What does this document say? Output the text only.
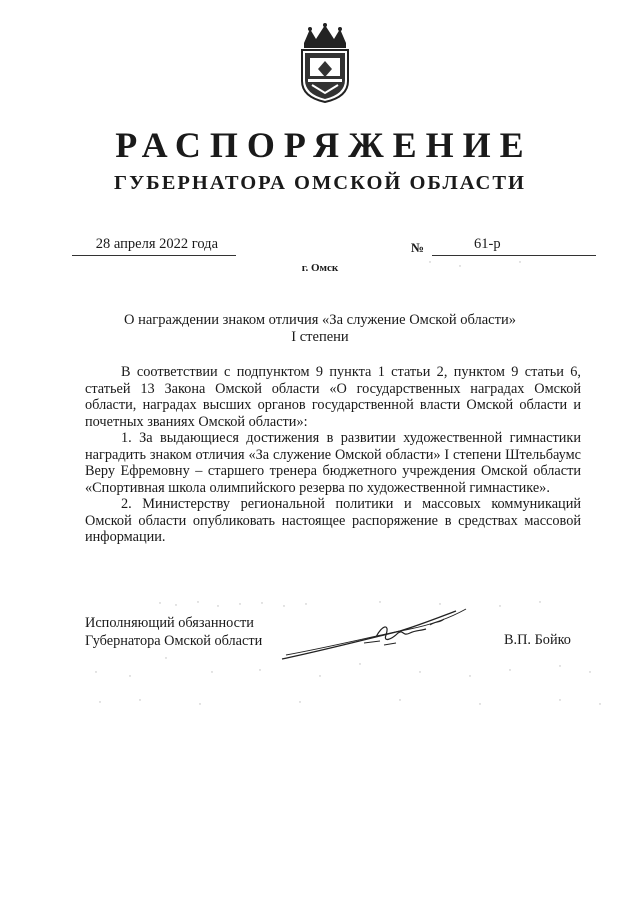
РАСПОРЯЖЕНИЕ
ГУБЕРНАТОРА ОМСКОЙ ОБЛАСТИ
28 апреля 2022 года	№	61-р
г. Омск
О награждении знаком отличия «За служение Омской области»
I степени

В соответствии с подпунктом 9 пункта 1 статьи 2, пунктом 9 статьи 6, статьей 13 Закона Омской области «О государственных наградах Омской области, наградах высших органов государственной власти Омской области и почетных званиях Омской области»:

1. За выдающиеся достижения в развитии художественной гимнастики наградить знаком отличия «За служение Омской области» I степени Штельбаумс Веру Ефремовну – старшего тренера бюджетного учреждения Омской области «Спортивная школа олимпийского резерва по художественной гимнастике».

2. Министерству региональной политики и массовых коммуникаций Омской области опубликовать настоящее распоряжение в средствах массовой информации.

Исполняющий обязанности
Губернатора Омской области	В.П. Бойко
